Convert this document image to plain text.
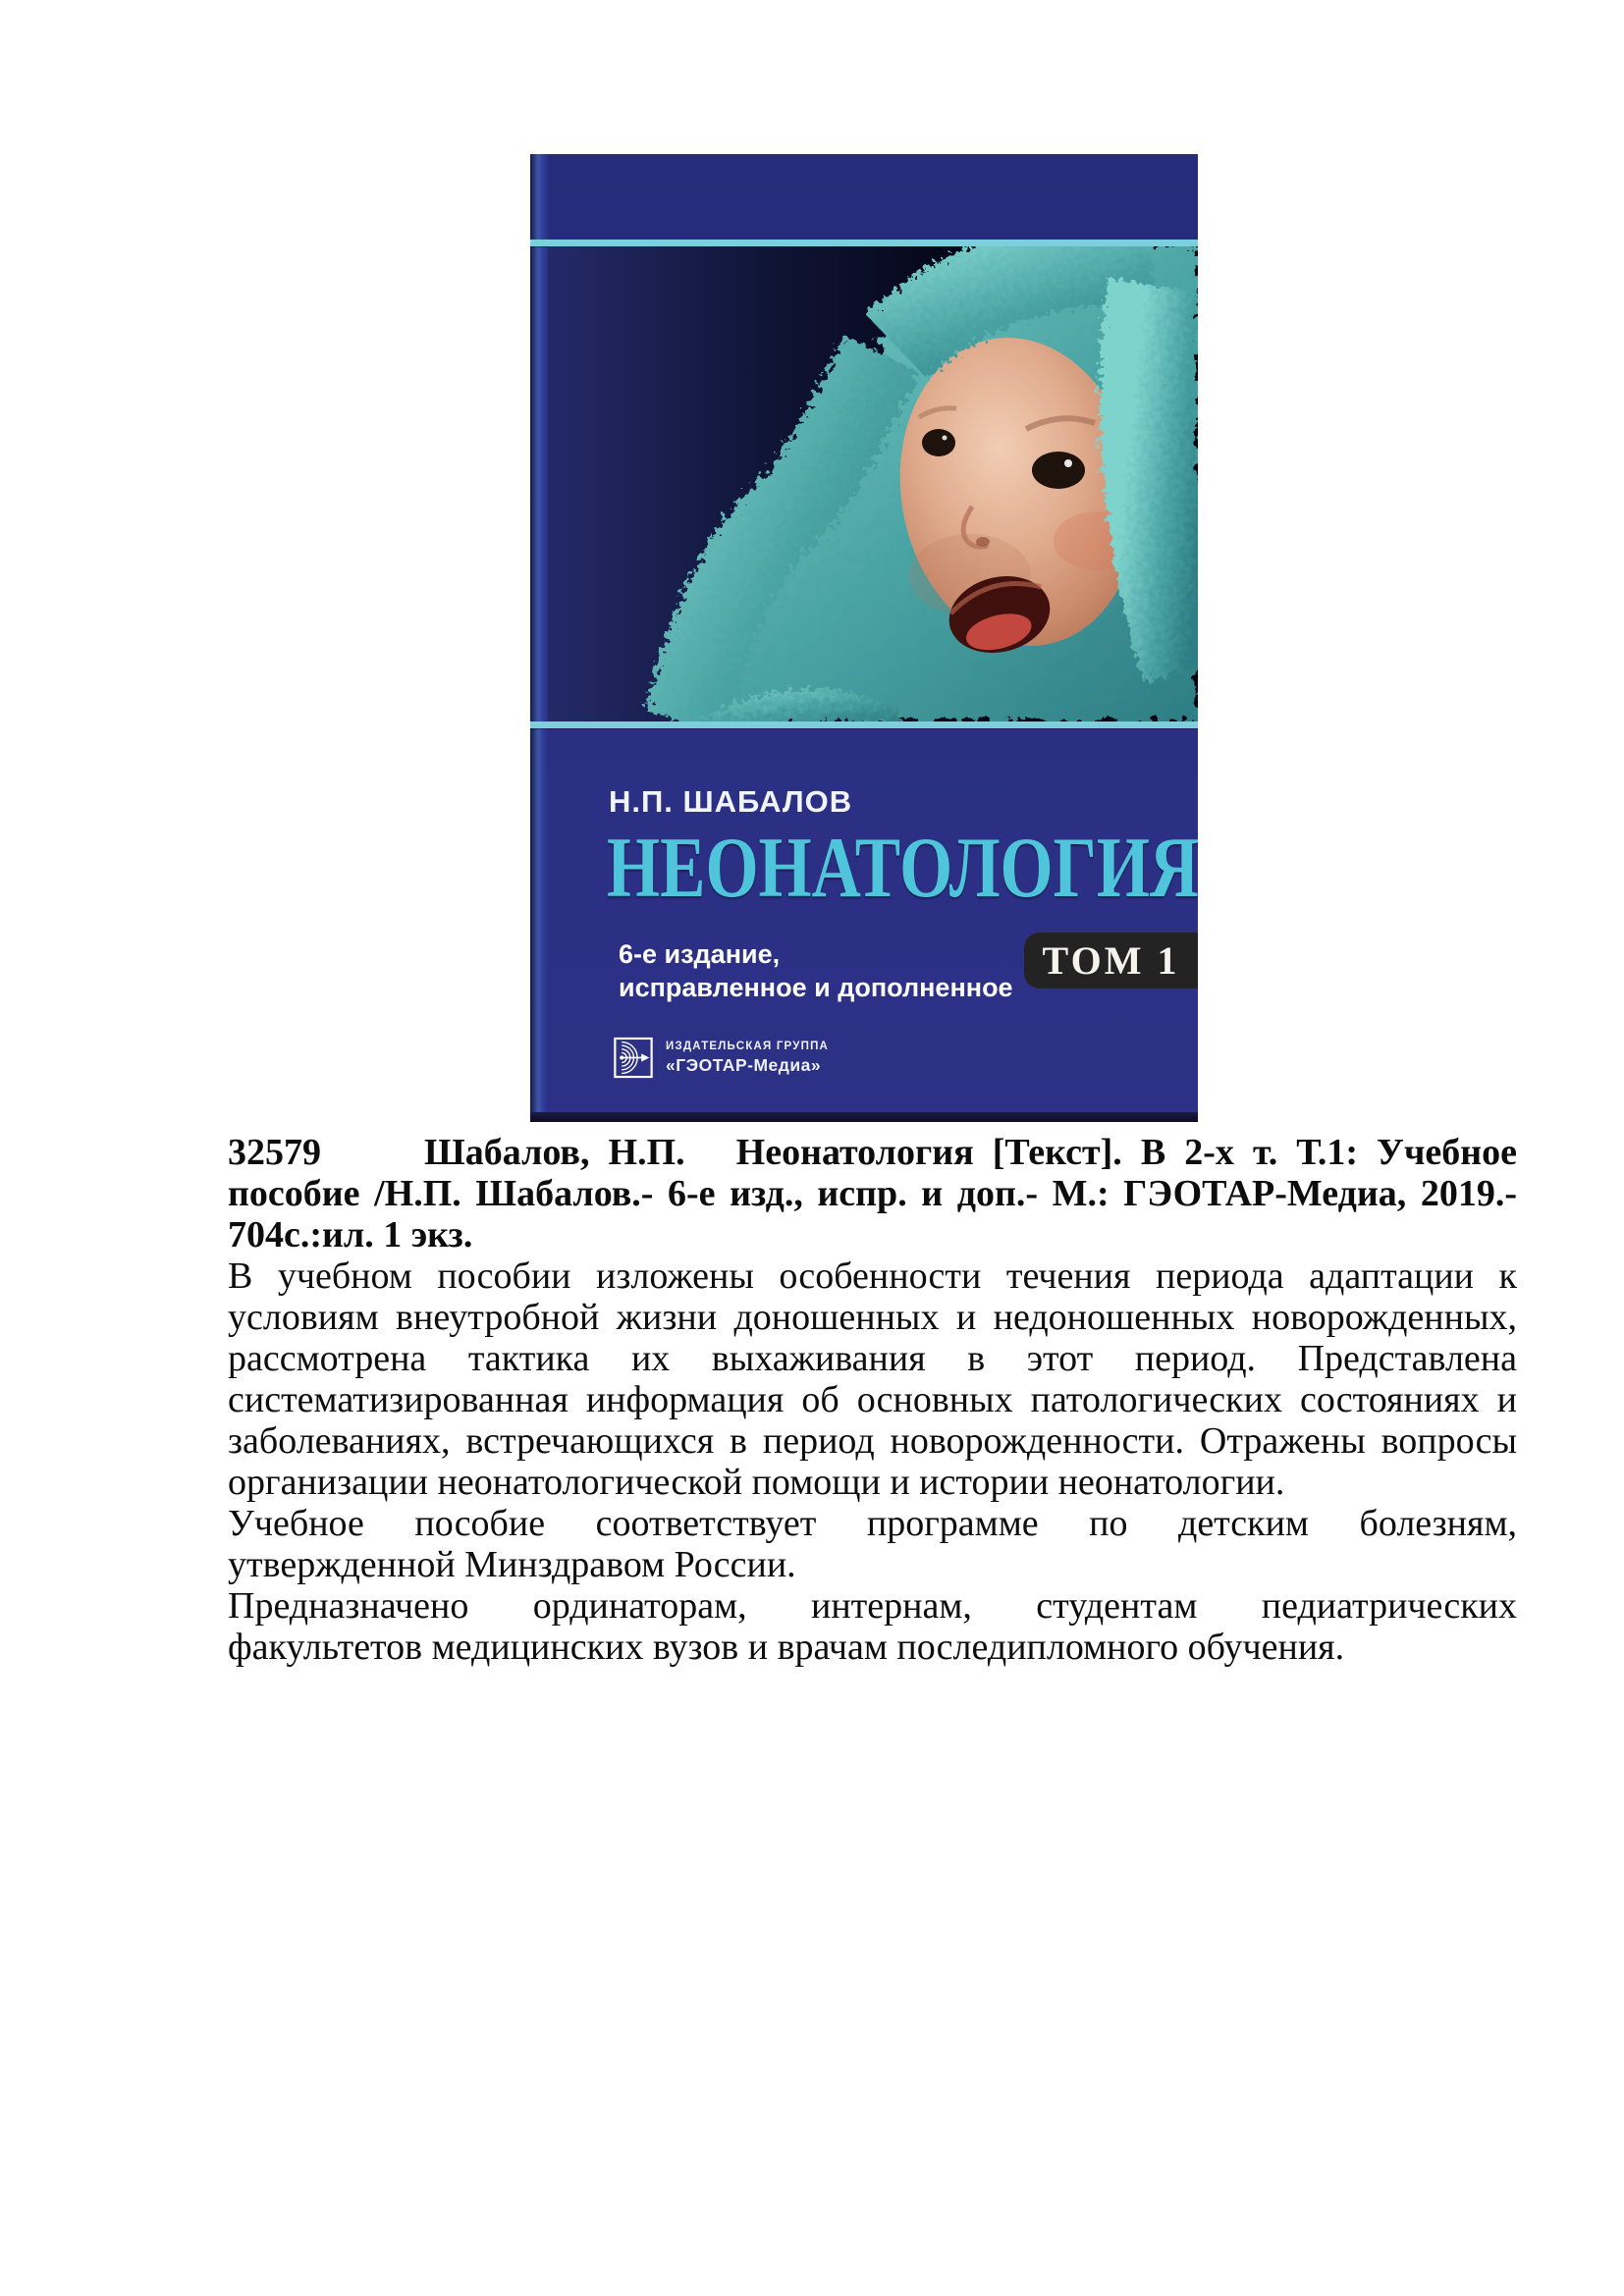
Н.П. ШАБАЛОВ
НЕОНАТОЛОГИЯ
6-е издание,
исправленное и дополненное
ТОМ 1
ИЗДАТЕЛЬСКАЯ ГРУППА
«ГЭОТАР-Медиа»
32579	Шабалов, Н.П. Неонатология [Текст]. В 2-х т. Т.1: Учебное
пособие /Н.П. Шабалов.- 6-е изд., испр. и доп.- М.: ГЭОТАР-Медиа, 2019.-
704с.:ил. 1 экз.
В учебном пособии изложены особенности течения периода адаптации к
условиям внеутробной жизни доношенных и недоношенных новорожденных,
рассмотрена тактика их выхаживания в этот период. Представлена
систематизированная информация об основных патологических состояниях и
заболеваниях, встречающихся в период новорожденности. Отражены вопросы
организации неонатологической помощи и истории неонатологии.
Учебное пособие соответствует программе по детским болезням,
утвержденной Минздравом России.
Предназначено ординаторам, интернам, студентам педиатрических
факультетов медицинских вузов и врачам последипломного обучения.
